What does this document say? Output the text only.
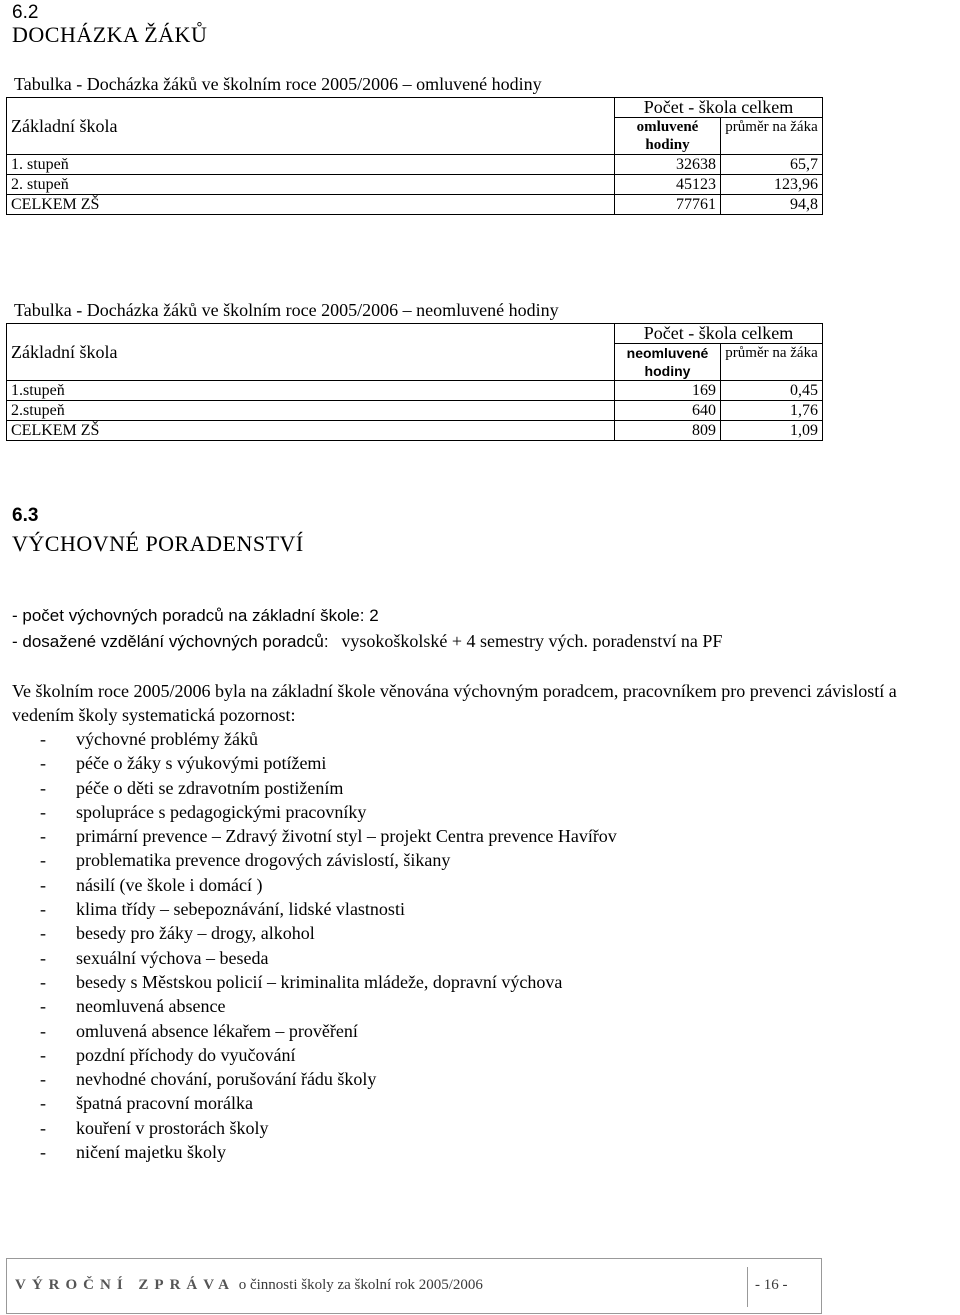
6.2
DOCHÁZKA ŽÁKŮ
Tabulka - Docházka žáků ve školním roce 2005/2006 – omluvené hodiny
Základní škola	Počet - škola celkem	
	omluvené hodiny	průměr na žáka
1. stupeň	32638	65,7
2. stupeň	45123	123,96
CELKEM ZŠ	77761	94,8
Tabulka - Docházka žáků ve školním roce 2005/2006 – neomluvené hodiny
Základní škola	Počet - škola celkem	
	neomluvené hodiny	průměr na žáka
1.stupeň	169	0,45
2.stupeň	640	1,76
CELKEM ZŠ	809	1,09
6.3
VÝCHOVNÉ PORADENSTVÍ
- počet výchovných poradců na základní škole: 2
- dosažené vzdělání výchovných poradců: vysokoškolské + 4 semestry vých. poradenství na PF
Ve školním roce 2005/2006 byla na základní škole věnována výchovným poradcem, pracovníkem pro prevenci závislostí a vedením školy systematická pozornost:
- výchovné problémy žáků
- péče o žáky s výukovými potížemi
- péče o děti se zdravotním postižením
- spolupráce s pedagogickými pracovníky
- primární prevence – Zdravý životní styl – projekt Centra prevence Havířov
- problematika prevence drogových závislostí, šikany
- násilí (ve škole i domácí )
- klima třídy – sebepoznávání, lidské vlastnosti
- besedy pro žáky – drogy, alkohol
- sexuální výchova – beseda
- besedy s Městskou policií – kriminalita mládeže, dopravní výchova
- neomluvená absence
- omluvená absence lékařem – prověření
- pozdní příchody do vyučování
- nevhodné chování, porušování řádu školy
- špatná pracovní morálka
- kouření v prostorách školy
- ničení majetku školy
VÝROČNÍ ZPRÁVA o činnosti školy za školní rok 2005/2006	- 16 -
